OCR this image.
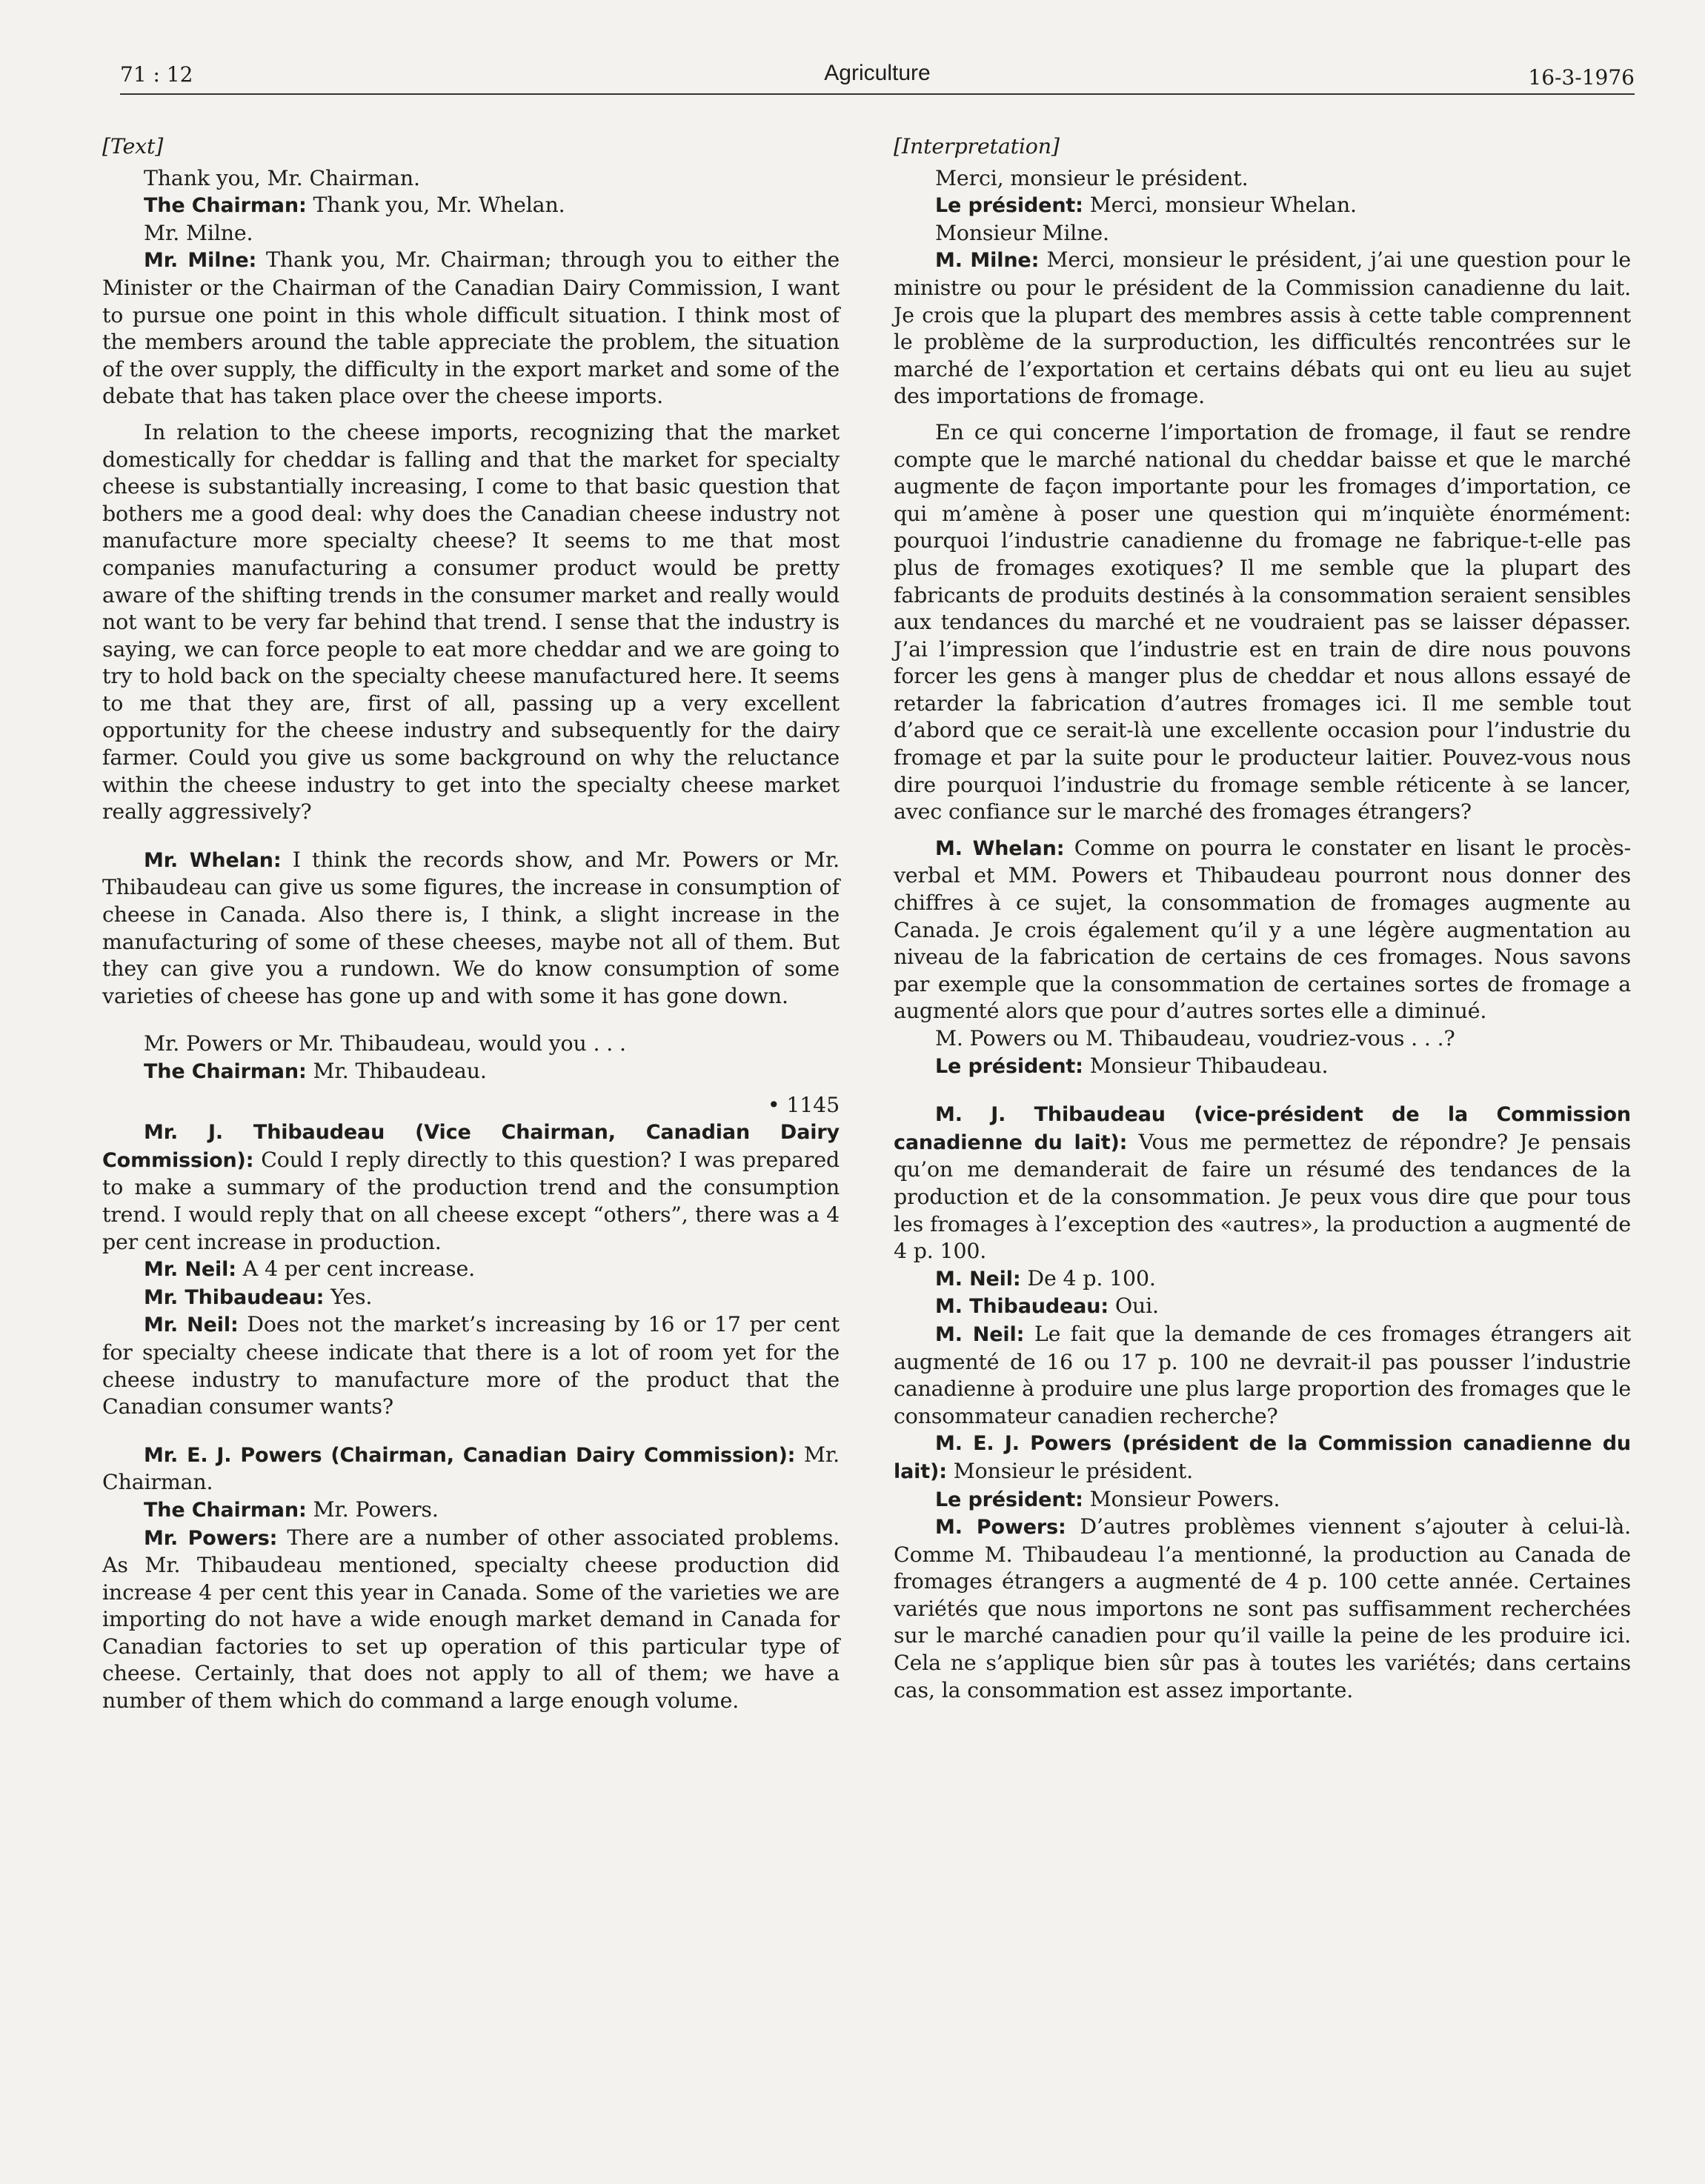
71 : 12	Agriculture	16-3-1976

[Text]

Thank you, Mr. Chairman.

The Chairman: Thank you, Mr. Whelan.

Mr. Milne.

Mr. Milne: Thank you, Mr. Chairman; through you to either the Minister or the Chairman of the Canadian Dairy Commission, I want to pursue one point in this whole difficult situation. I think most of the members around the table appreciate the problem, the situation of the over supply, the difficulty in the export market and some of the debate that has taken place over the cheese imports.

In relation to the cheese imports, recognizing that the market domestically for cheddar is falling and that the market for specialty cheese is substantially increasing, I come to that basic question that bothers me a good deal: why does the Canadian cheese industry not manufacture more specialty cheese? It seems to me that most companies manufacturing a consumer product would be pretty aware of the shifting trends in the consumer market and really would not want to be very far behind that trend. I sense that the industry is saying, we can force people to eat more cheddar and we are going to try to hold back on the specialty cheese manufactured here. It seems to me that they are, first of all, passing up a very excellent opportunity for the cheese industry and subsequently for the dairy farmer. Could you give us some background on why the reluctance within the cheese industry to get into the specialty cheese market really aggressively?

Mr. Whelan: I think the records show, and Mr. Powers or Mr. Thibaudeau can give us some figures, the increase in consumption of cheese in Canada. Also there is, I think, a slight increase in the manufacturing of some of these cheeses, maybe not all of them. But they can give you a rundown. We do know consumption of some varieties of cheese has gone up and with some it has gone down.

Mr. Powers or Mr. Thibaudeau, would you . . .

The Chairman: Mr. Thibaudeau.

• 1145

Mr. J. Thibaudeau (Vice Chairman, Canadian Dairy Commission): Could I reply directly to this question? I was prepared to make a summary of the production trend and the consumption trend. I would reply that on all cheese except “others”, there was a 4 per cent increase in production.

Mr. Neil: A 4 per cent increase.

Mr. Thibaudeau: Yes.

Mr. Neil: Does not the market’s increasing by 16 or 17 per cent for specialty cheese indicate that there is a lot of room yet for the cheese industry to manufacture more of the product that the Canadian consumer wants?

Mr. E. J. Powers (Chairman, Canadian Dairy Commission): Mr. Chairman.

The Chairman: Mr. Powers.

Mr. Powers: There are a number of other associated problems. As Mr. Thibaudeau mentioned, specialty cheese production did increase 4 per cent this year in Canada. Some of the varieties we are importing do not have a wide enough market demand in Canada for Canadian factories to set up operation of this particular type of cheese. Certainly, that does not apply to all of them; we have a number of them which do command a large enough volume.

[Interpretation]

Merci, monsieur le président.

Le président: Merci, monsieur Whelan.

Monsieur Milne.

M. Milne: Merci, monsieur le président, j’ai une question pour le ministre ou pour le président de la Commission canadienne du lait. Je crois que la plupart des membres assis à cette table comprennent le problème de la surproduction, les difficultés rencontrées sur le marché de l’exportation et certains débats qui ont eu lieu au sujet des importations de fromage.

En ce qui concerne l’importation de fromage, il faut se rendre compte que le marché national du cheddar baisse et que le marché augmente de façon importante pour les fromages d’importation, ce qui m’amène à poser une question qui m’inquiète énormément: pourquoi l’industrie canadienne du fromage ne fabrique-t-elle pas plus de fromages exotiques? Il me semble que la plupart des fabricants de produits destinés à la consommation seraient sensibles aux tendances du marché et ne voudraient pas se laisser dépasser. J’ai l’impression que l’industrie est en train de dire nous pouvons forcer les gens à manger plus de cheddar et nous allons essayé de retarder la fabrication d’autres fromages ici. Il me semble tout d’abord que ce serait-là une excellente occasion pour l’industrie du fromage et par la suite pour le producteur laitier. Pouvez-vous nous dire pourquoi l’industrie du fromage semble réticente à se lancer, avec confiance sur le marché des fromages étrangers?

M. Whelan: Comme on pourra le constater en lisant le procès-verbal et MM. Powers et Thibaudeau pourront nous donner des chiffres à ce sujet, la consommation de fromages augmente au Canada. Je crois également qu’il y a une légère augmentation au niveau de la fabrication de certains de ces fromages. Nous savons par exemple que la consommation de certaines sortes de fromage a augmenté alors que pour d’autres sortes elle a diminué.

M. Powers ou M. Thibaudeau, voudriez-vous . . .?

Le président: Monsieur Thibaudeau.

M. J. Thibaudeau (vice-président de la Commission canadienne du lait): Vous me permettez de répondre? Je pensais qu’on me demanderait de faire un résumé des tendances de la production et de la consommation. Je peux vous dire que pour tous les fromages à l’exception des «autres», la production a augmenté de 4 p. 100.

M. Neil: De 4 p. 100.

M. Thibaudeau: Oui.

M. Neil: Le fait que la demande de ces fromages étrangers ait augmenté de 16 ou 17 p. 100 ne devrait-il pas pousser l’industrie canadienne à produire une plus large proportion des fromages que le consommateur canadien recherche?

M. E. J. Powers (président de la Commission canadienne du lait): Monsieur le président.

Le président: Monsieur Powers.

M. Powers: D’autres problèmes viennent s’ajouter à celui-là. Comme M. Thibaudeau l’a mentionné, la production au Canada de fromages étrangers a augmenté de 4 p. 100 cette année. Certaines variétés que nous importons ne sont pas suffisamment recherchées sur le marché canadien pour qu’il vaille la peine de les produire ici. Cela ne s’applique bien sûr pas à toutes les variétés; dans certains cas, la consommation est assez importante.
